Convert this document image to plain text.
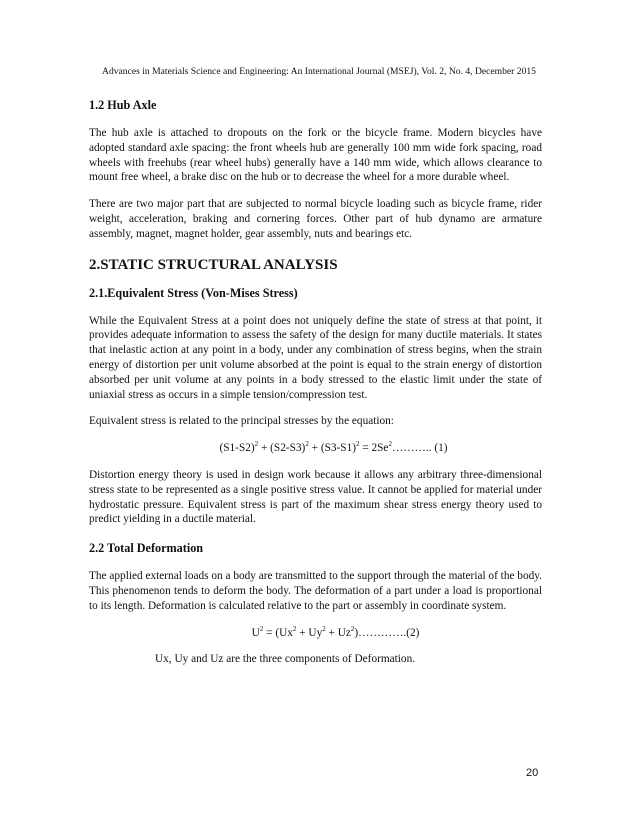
Advances in Materials Science and Engineering: An International Journal (MSEJ), Vol. 2, No. 4, December 2015
1.2 Hub Axle

The hub axle is attached to dropouts on the fork or the bicycle frame. Modern bicycles have adopted standard axle spacing: the front wheels hub are generally 100 mm wide fork spacing, road wheels with freehubs (rear wheel hubs) generally have a 140 mm wide, which allows clearance to mount free wheel, a brake disc on the hub or to decrease the wheel for a more durable wheel.

There are two major part that are subjected to normal bicycle loading such as bicycle frame, rider weight, acceleration, braking and cornering forces. Other part of hub dynamo are armature assembly, magnet, magnet holder, gear assembly, nuts and bearings etc.

2.STATIC STRUCTURAL ANALYSIS
2.1.Equivalent Stress (Von-Mises Stress)

While the Equivalent Stress at a point does not uniquely define the state of stress at that point, it provides adequate information to assess the safety of the design for many ductile materials. It states that inelastic action at any point in a body, under any combination of stress begins, when the strain energy of distortion per unit volume absorbed at the point is equal to the strain energy of distortion absorbed per unit volume at any points in a body stressed to the elastic limit under the state of uniaxial stress as occurs in a simple tension/compression test.

Equivalent stress is related to the principal stresses by the equation:

$(S1-S2)^2 + (S2-S3)^2 + (S3-S1)^2$ = $2Se^2\dots\dots\dots$.. (1)

Distortion energy theory is used in design work because it allows any arbitrary three-dimensional stress state to be represented as a single positive stress value. It cannot be applied for material under hydrostatic pressure. Equivalent stress is part of the maximum shear stress energy theory used to predict yielding in a ductile material.

2.2 Total Deformation

The applied external loads on a body are transmitted to the support through the material of the body. This phenomenon tends to deform the body. The deformation of a part under a load is proportional to its length. Deformation is calculated relative to the part or assembly in coordinate system.

$U^2 = (Ux^2 + Uy^2$ + $Uz^2)\dots\dots\dots\dots.(2)$
Ux, Uy and Uz are the three components of Deformation.
20
